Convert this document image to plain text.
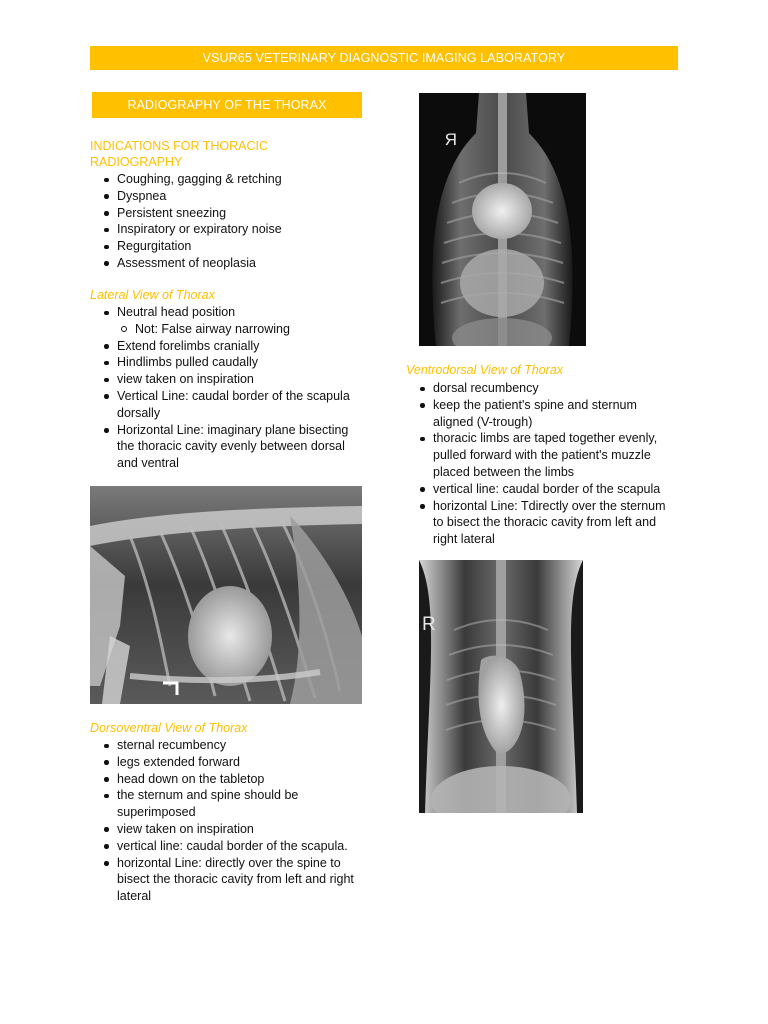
VSUR65 VETERINARY DIAGNOSTIC IMAGING LABORATORY
RADIOGRAPHY OF THE THORAX
INDICATIONS FOR THORACIC RADIOGRAPHY
Coughing, gagging & retching
Dyspnea
Persistent sneezing
Inspiratory or expiratory noise
Regurgitation
Assessment of neoplasia
Lateral View of Thorax
Neutral head position
Not: False airway narrowing
Extend forelimbs cranially
Hindlimbs pulled caudally
view taken on inspiration
Vertical Line: caudal border of the scapula dorsally
Horizontal Line: imaginary plane bisecting the thoracic cavity evenly between dorsal and ventral
Dorsoventral View of Thorax
sternal recumbency
legs extended forward
head down on the tabletop
the sternum and spine should be superimposed
view taken on inspiration
vertical line: caudal border of the scapula.
horizontal Line: directly over the spine to bisect the thoracic cavity from left and right lateral
R
Ventrodorsal View of Thorax
dorsal recumbency
keep the patient's spine and sternum aligned (V-trough)
thoracic limbs are taped together evenly, pulled forward with the patient's muzzle placed between the limbs
vertical line: caudal border of the scapula
horizontal Line: Tdirectly over the sternum to bisect the thoracic cavity from left and right lateral
R
